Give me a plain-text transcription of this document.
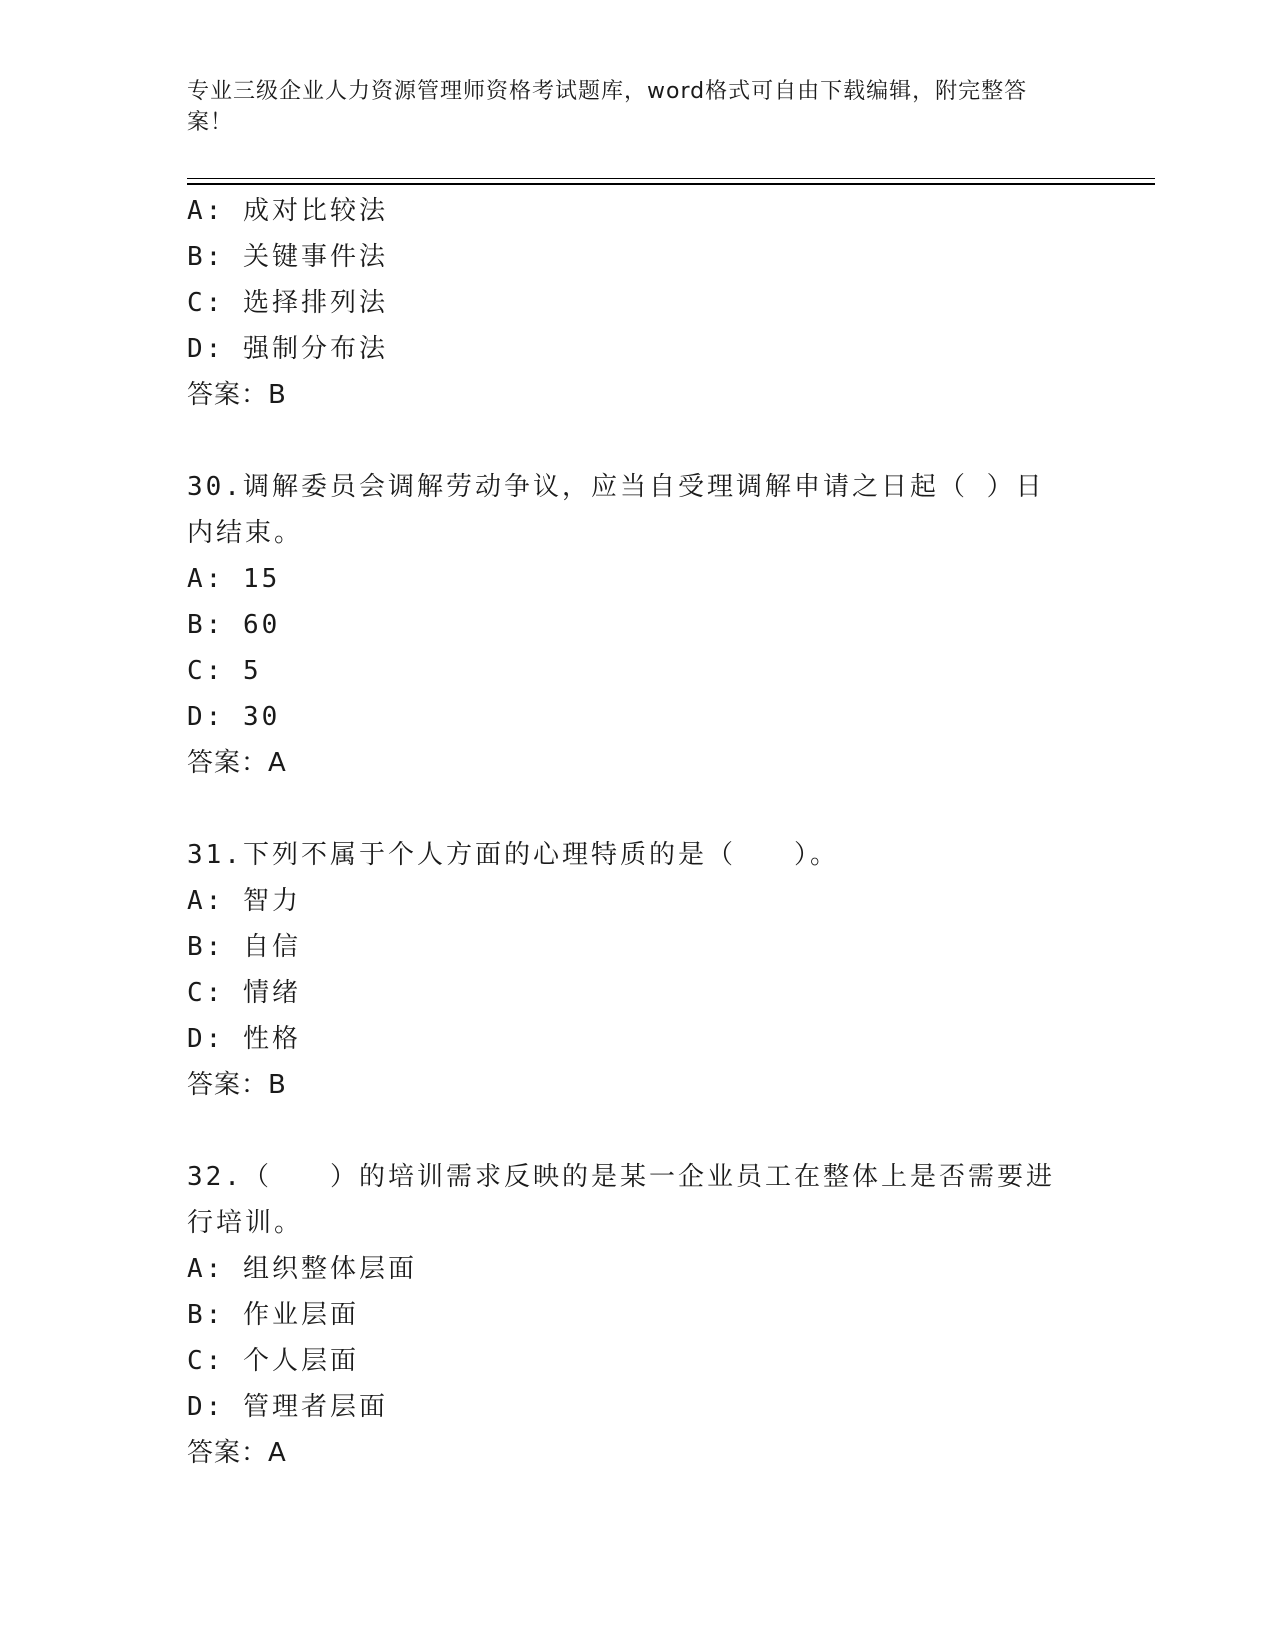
专业三级企业人力资源管理师资格考试题库，word格式可自由下载编辑，附完整答案！
A: 成对比较法
B: 关键事件法
C: 选择排列法
D: 强制分布法
答案：B
30.调解委员会调解劳动争议，应当自受理调解申请之日起（ ）日内结束。
A: 15
B: 60
C: 5
D: 30
答案：A
31.下列不属于个人方面的心理特质的是（　　）。
A: 智力
B: 自信
C: 情绪
D: 性格
答案：B
32.（　　）的培训需求反映的是某一企业员工在整体上是否需要进行培训。
A: 组织整体层面
B: 作业层面
C: 个人层面
D: 管理者层面
答案：A
